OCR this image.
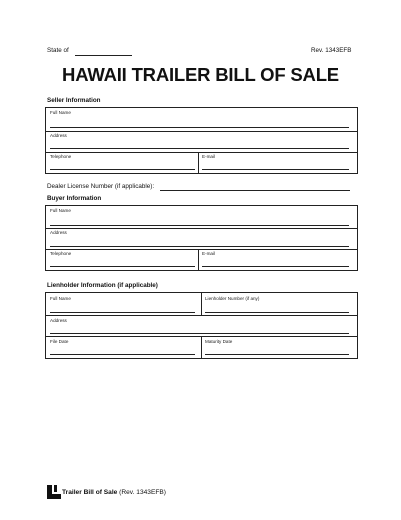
State of	Rev. 1343EFB
HAWAII TRAILER BILL OF SALE
Seller Information
Full Name
Address
Telephone	E-mail
Dealer License Number (if applicable):
Buyer Information
Full Name
Address
Telephone	E-mail
Lienholder Information (if applicable)
Full Name	Lienholder Number (if any)
Address
File Date	Maturity Date
Trailer Bill of Sale (Rev. 1343EFB)
